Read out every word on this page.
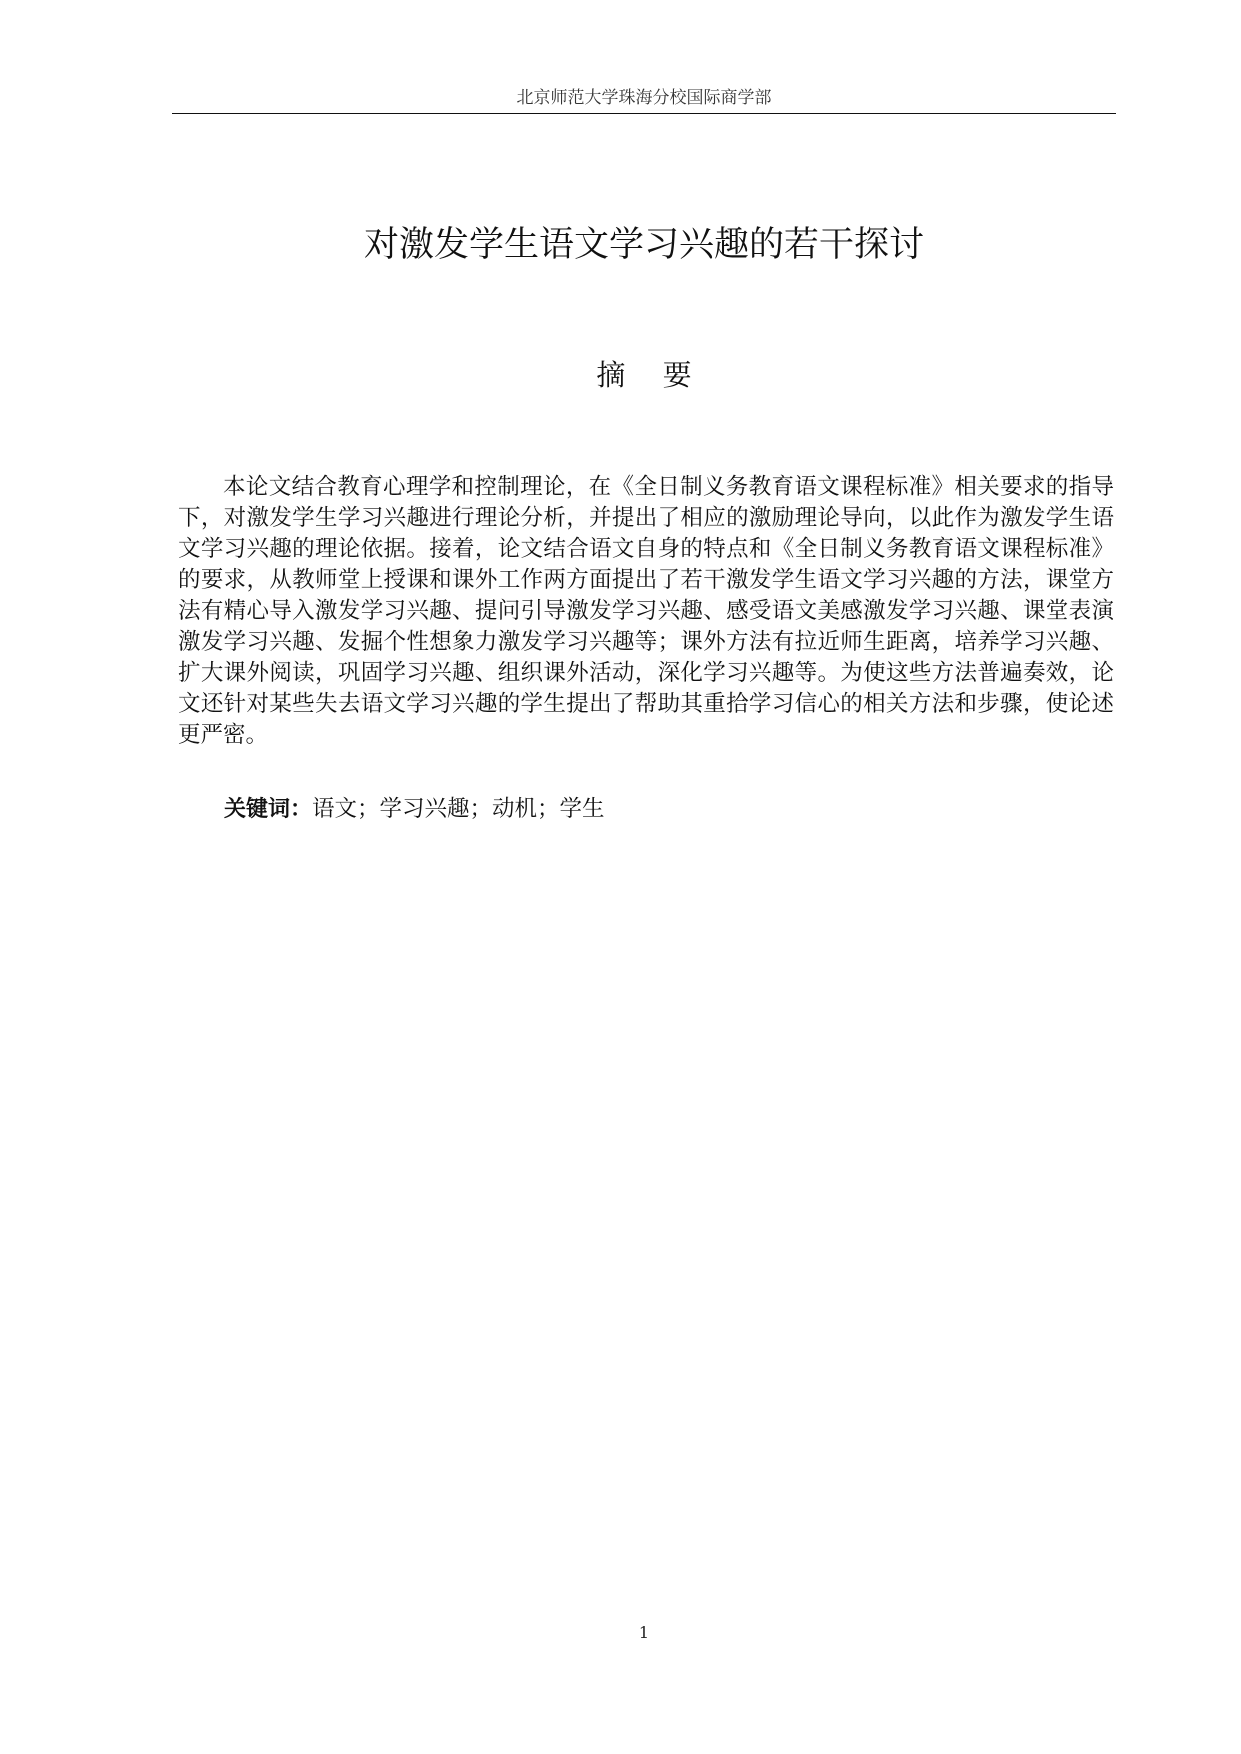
北京师范大学珠海分校国际商学部
对激发学生语文学习兴趣的若干探讨
摘 要

本论文结合教育心理学和控制理论，在《全日制义务教育语文课程标准》相关要求的指导下，对激发学生学习兴趣进行理论分析，并提出了相应的激励理论导向，以此作为激发学生语文学习兴趣的理论依据。接着，论文结合语文自身的特点和《全日制义务教育语文课程标准》的要求，从教师堂上授课和课外工作两方面提出了若干激发学生语文学习兴趣的方法，课堂方法有精心导入激发学习兴趣、提问引导激发学习兴趣、感受语文美感激发学习兴趣、课堂表演激发学习兴趣、发掘个性想象力激发学习兴趣等；课外方法有拉近师生距离，培养学习兴趣、扩大课外阅读，巩固学习兴趣、组织课外活动，深化学习兴趣等。为使这些方法普遍奏效，论文还针对某些失去语文学习兴趣的学生提出了帮助其重拾学习信心的相关方法和步骤，使论述更严密。

关键词：语文；学习兴趣；动机；学生
1
